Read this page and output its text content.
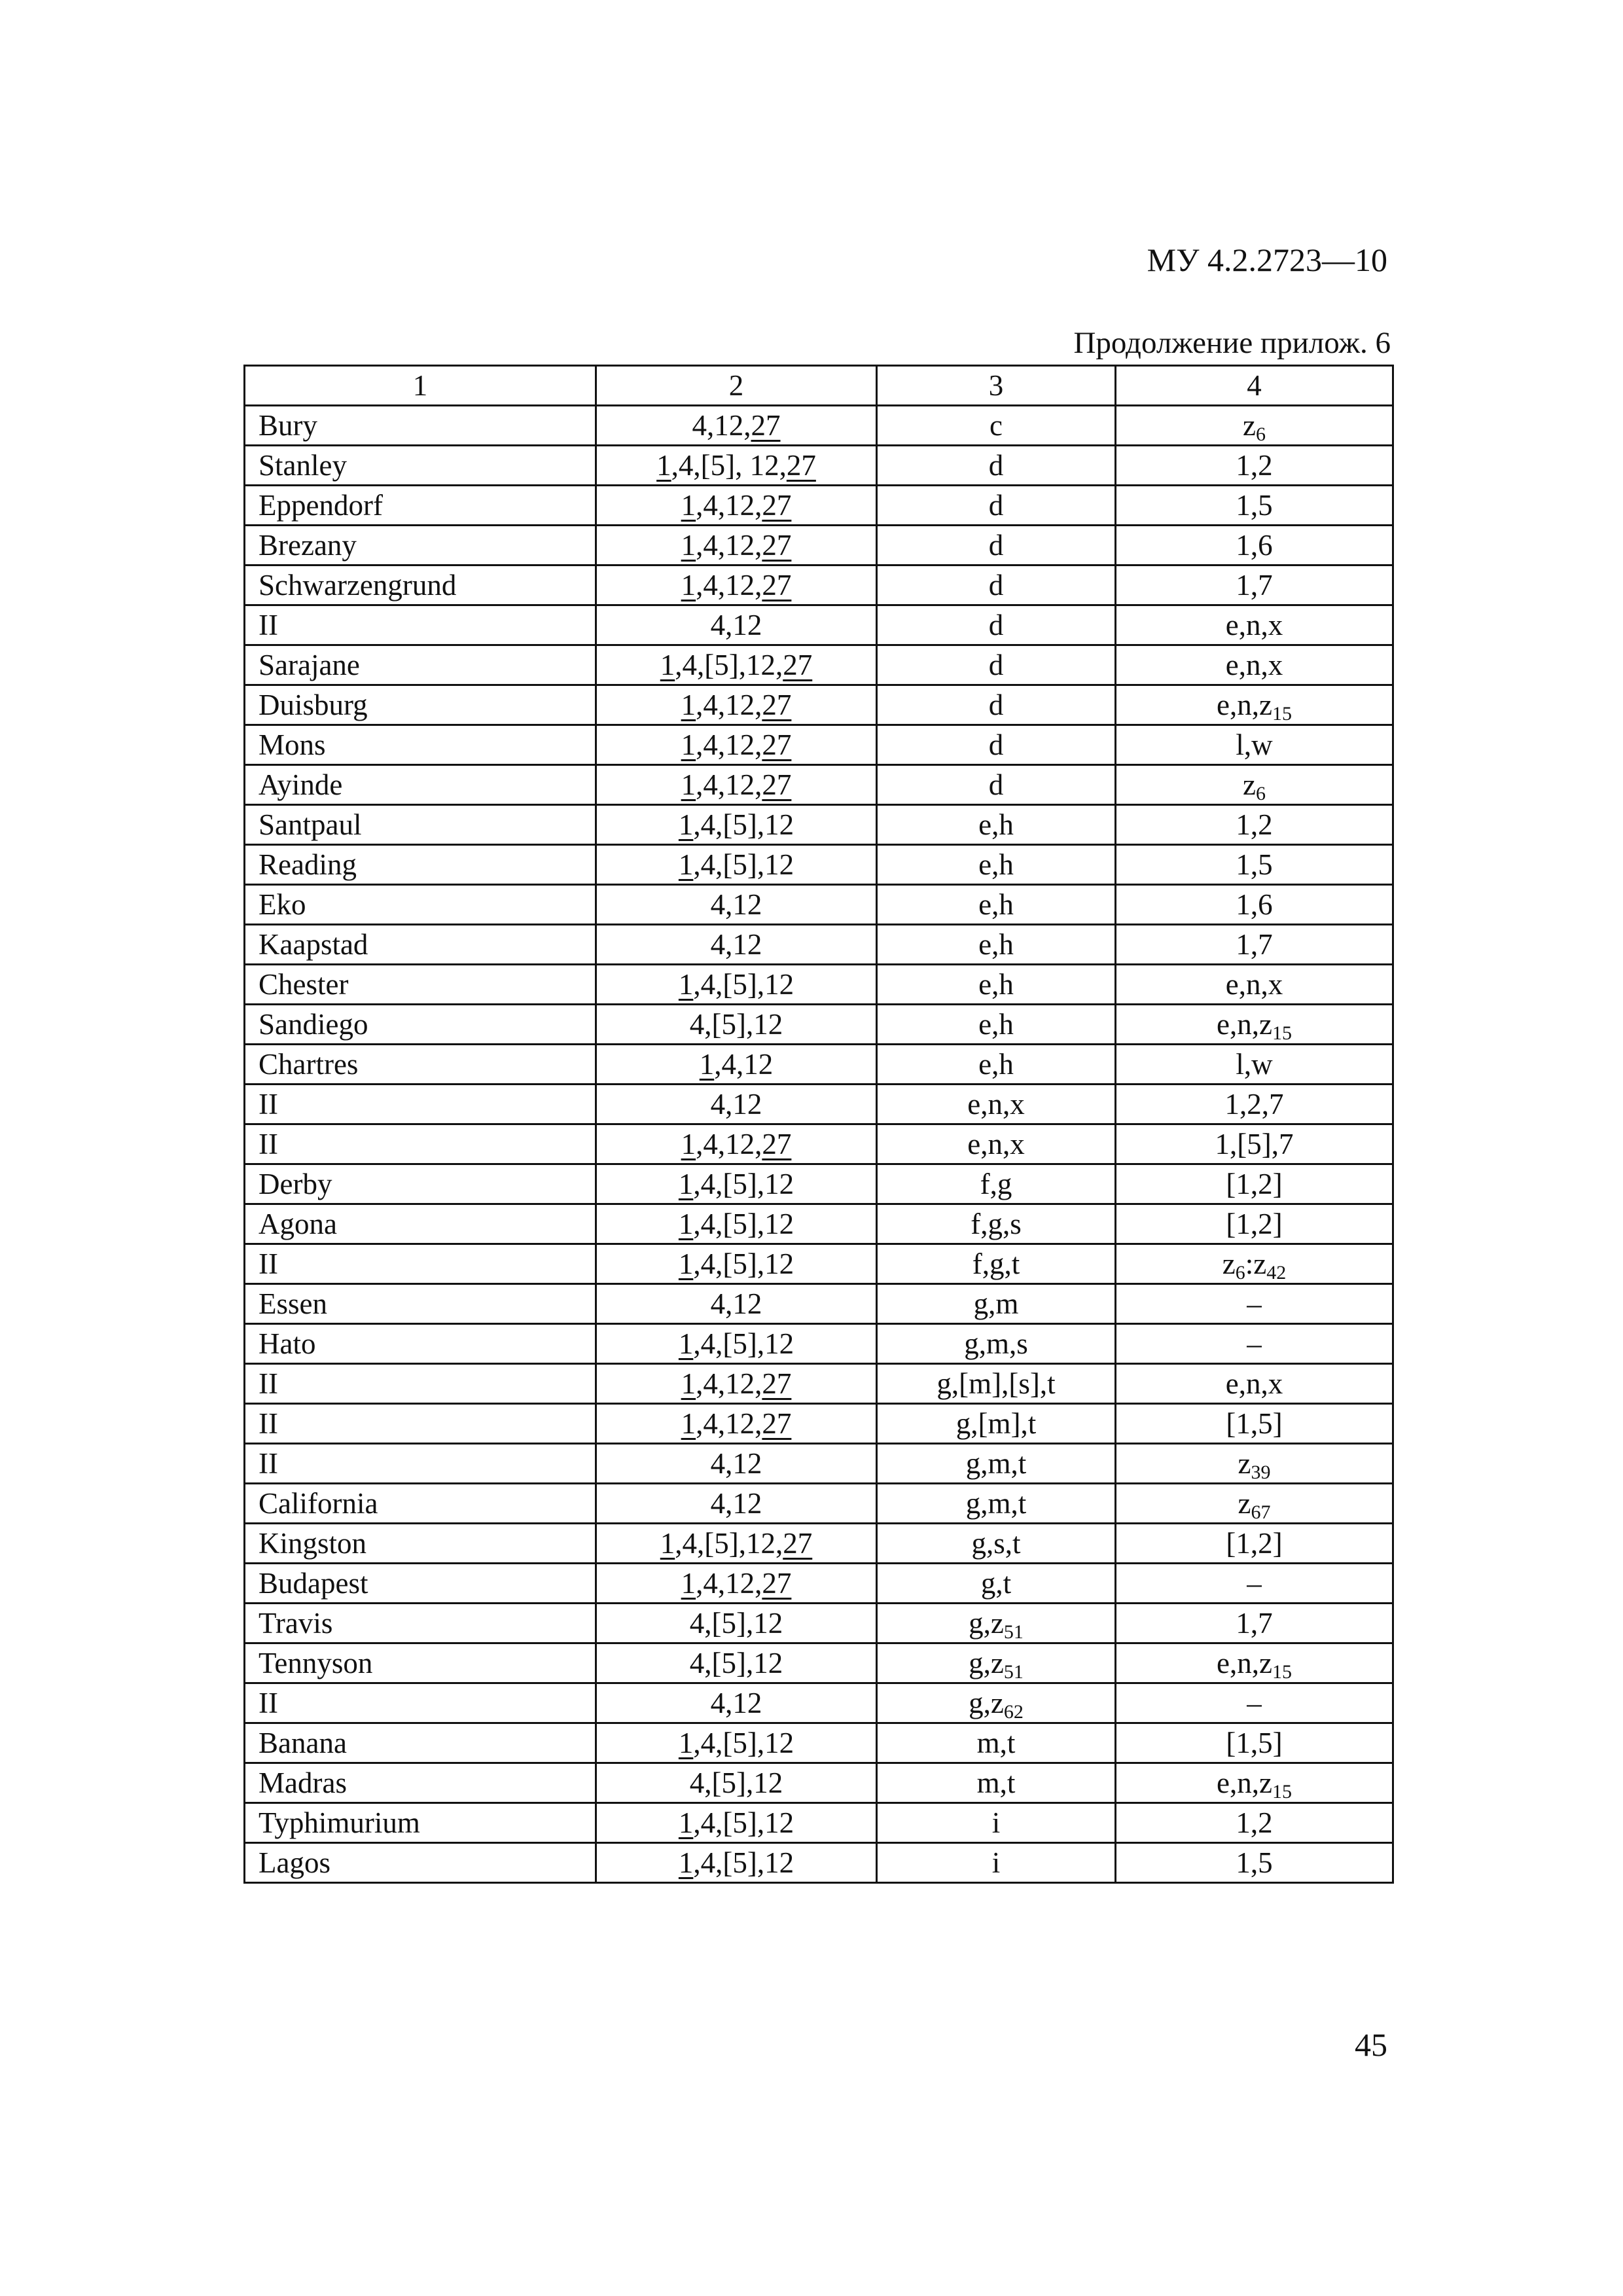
МУ 4.2.2723—10
Продолжение прилож. 6
1	2	3	4
Bury	4,12,27	c	$z_6$
Stanley	1,4,[5], 12,27	d	1,2
Eppendorf	1,4,12,27	d	1,5
Brezany	1,4,12,27	d	1,6
Schwarzengrund	1,4,12,27	d	1,7
II	4,12	d	e,n,x
Sarajane	1,4,[5],12,27	d	e,n,x
Duisburg	1,4,12,27	d	$e,n,z_{15}$
Mons	1,4,12,27	d	l,w
Ayinde	1,4,12,27	d	$z_6$
Santpaul	1,4,[5],12	e,h	1,2
Reading	1,4,[5],12	e,h	1,5
Eko	4,12	e,h	1,6
Kaapstad	4,12	e,h	1,7
Chester	1,4,[5],12	e,h	e,n,x
Sandiego	4,[5],12	e,h	$e,n,z_{15}$
Chartres	1,4,12	e,h	l,w
II	4,12	e,n,x	1,2,7
II	1,4,12,27	e,n,x	1,[5],7
Derby	1,4,[5],12	f,g	[1,2]
Agona	1,4,[5],12	f,g,s	[1,2]
II	1,4,[5],12	f,g,t	$z_6:z_{42}$
Essen	4,12	g,m	–
Hato	1,4,[5],12	g,m,s	–
II	1,4,12,27	g,[m],[s],t	e,n,x
II	1,4,12,27	g,[m],t	[1,5]
II	4,12	g,m,t	$z_{39}$
California	4,12	g,m,t	$z_{67}$
Kingston	1,4,[5],12,27	g,s,t	[1,2]
Budapest	1,4,12,27	g,t	–
Travis	4,[5],12	$g,z_{51}$	1,7
Tennyson	4,[5],12	$g,z_{51}$	$e,n,z_{15}$
II	4,12	$g,z_{62}$	–
Banana	1,4,[5],12	m,t	[1,5]
Madras	4,[5],12	m,t	$e,n,z_{15}$
Typhimurium	1,4,[5],12	i	1,2
Lagos	1,4,[5],12	i	1,5
45
